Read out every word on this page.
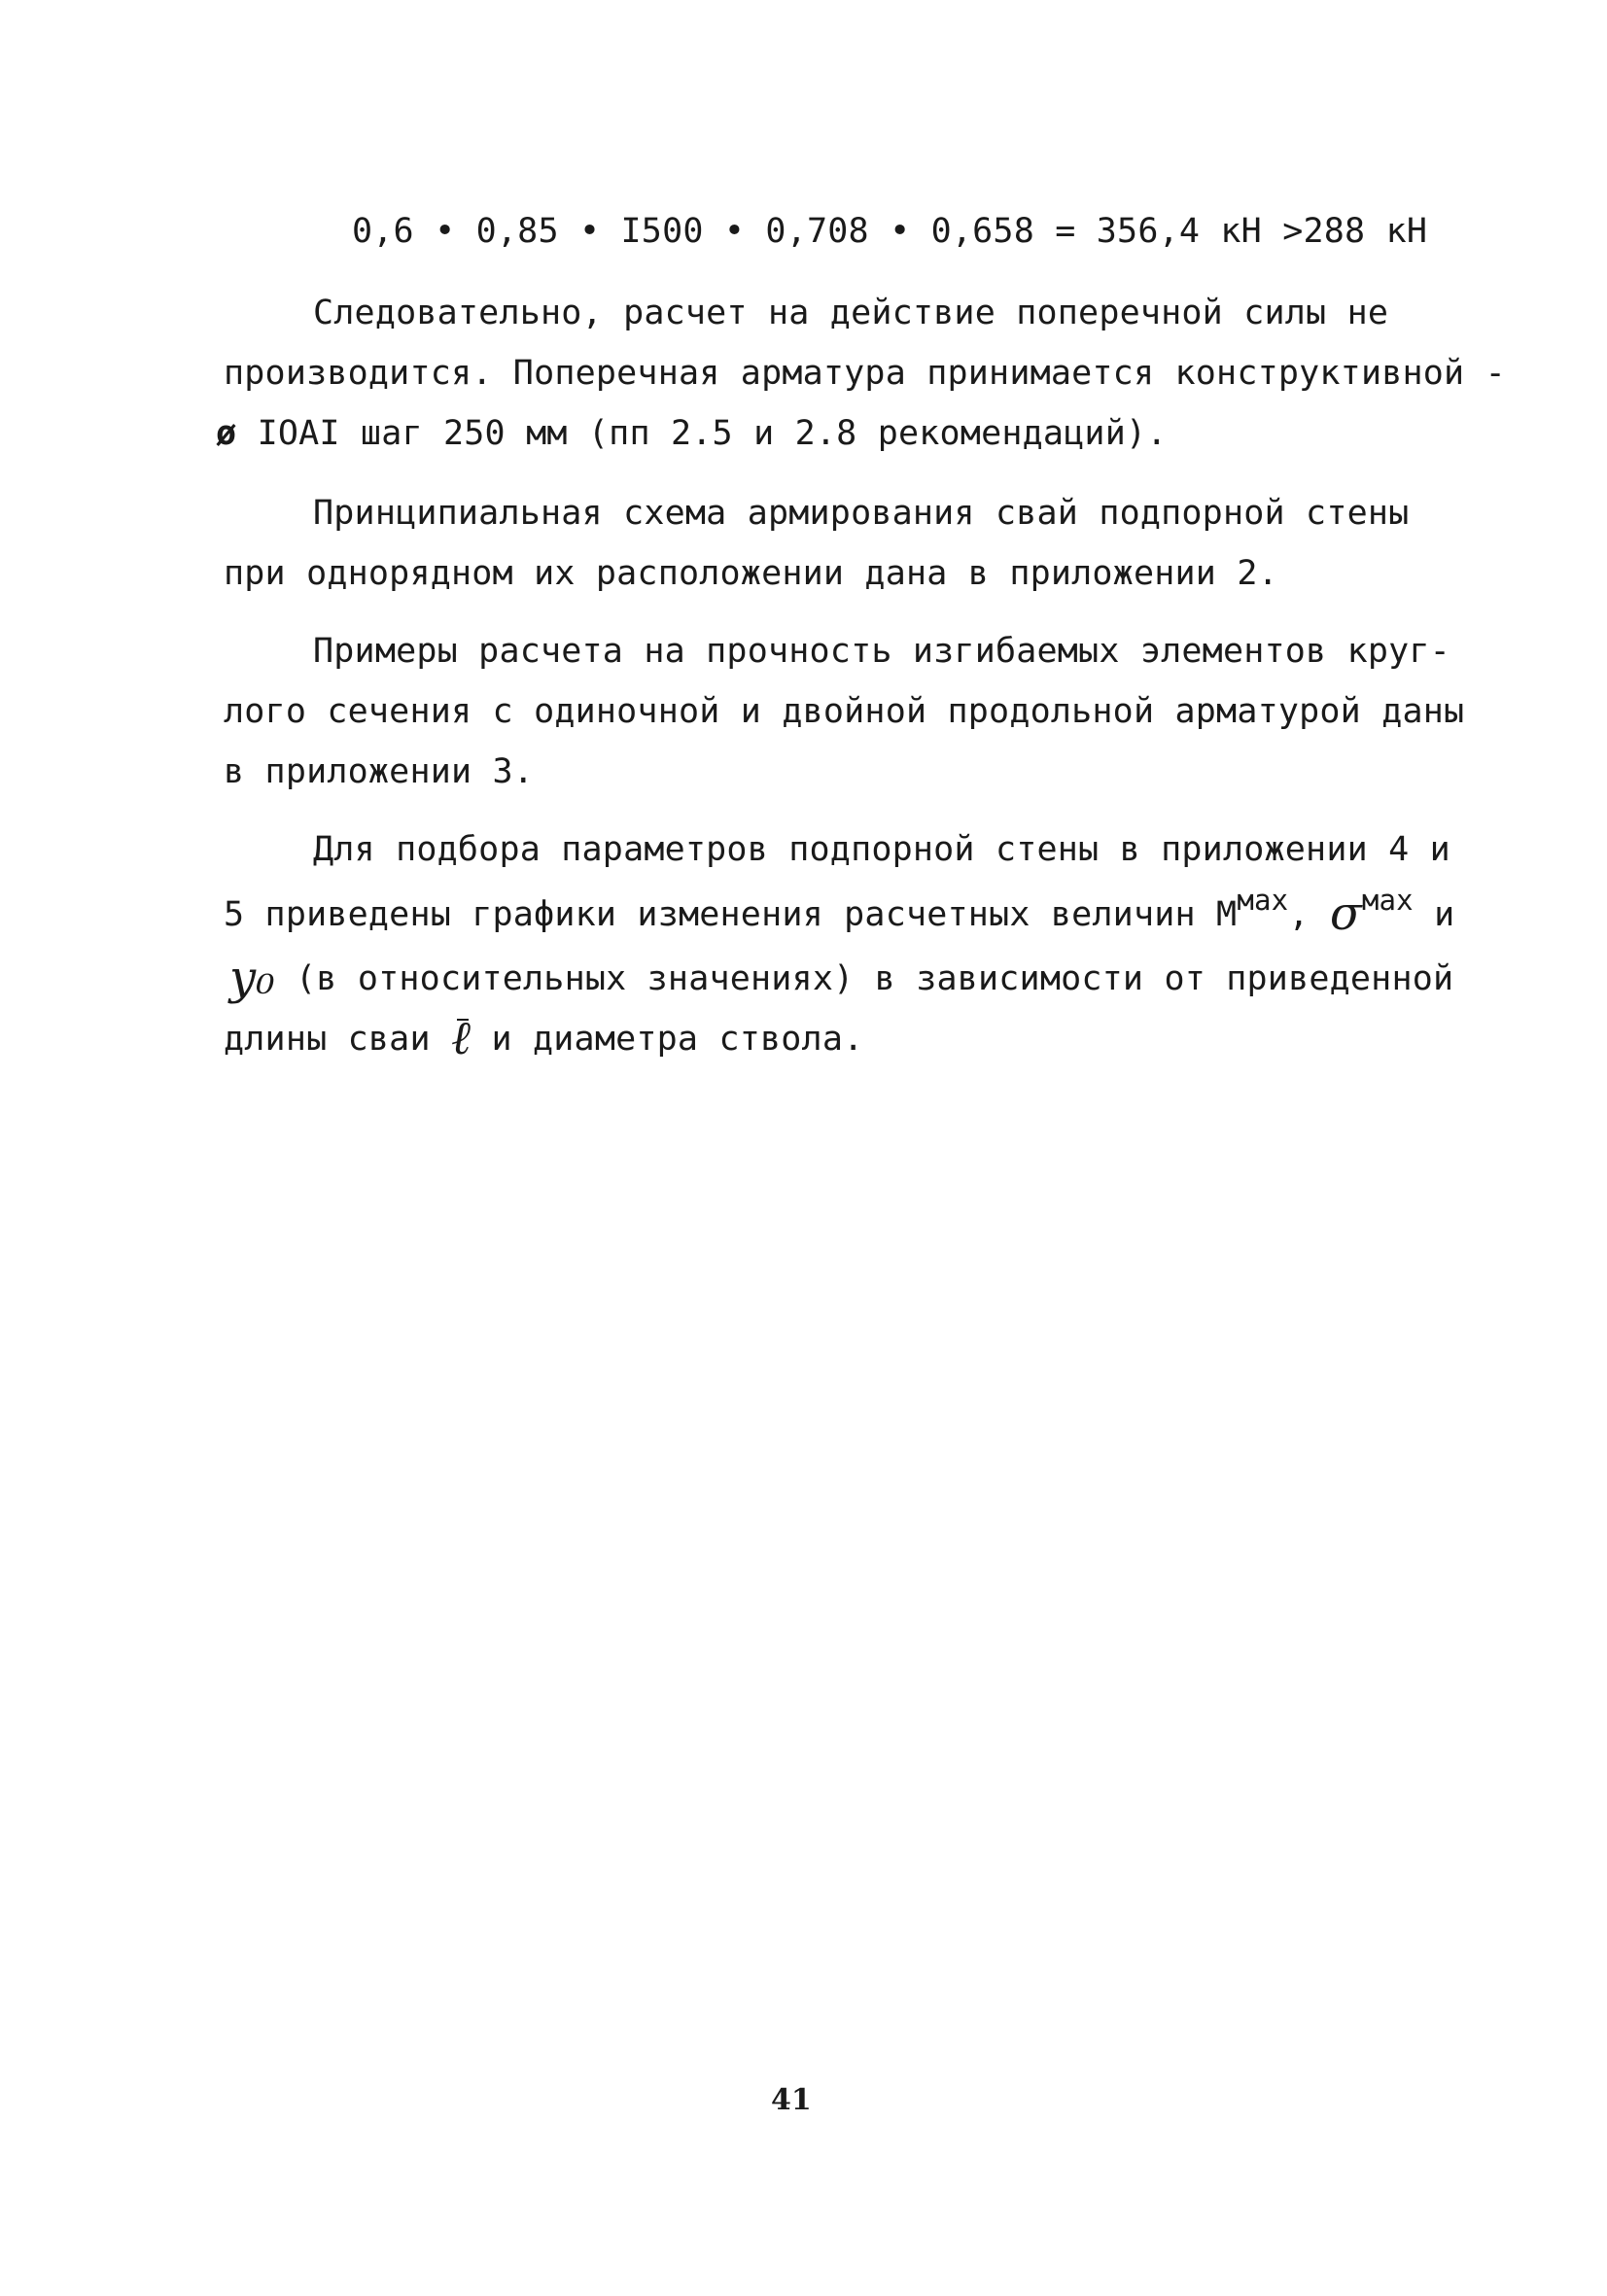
0,6 • 0,85 • I500 • 0,708 • 0,658 = 356,4 кН >288 кН
Следовательно, расчет на действие поперечной силы не
производится. Поперечная арматура принимается конструктивной -
ø IOAI шаг 250 мм (пп 2.5 и 2.8 рекомендаций).
Принципиальная схема армирования свай подпорной стены
при однорядном их расположении дана в приложении 2.
Примеры расчета на прочность изгибаемых элементов круг-
лого сечения с одиночной и двойной продольной арматурой даны
в приложении 3.
Для подбора параметров подпорной стены в приложении 4 и
5 приведены графики изменения расчетных величин $М^{мах}$, $\sigma^{мах}$ и
y₀ (в относительных значениях) в зависимости от приведенной
длины сваи ℓ и диаметра ствола.
41
